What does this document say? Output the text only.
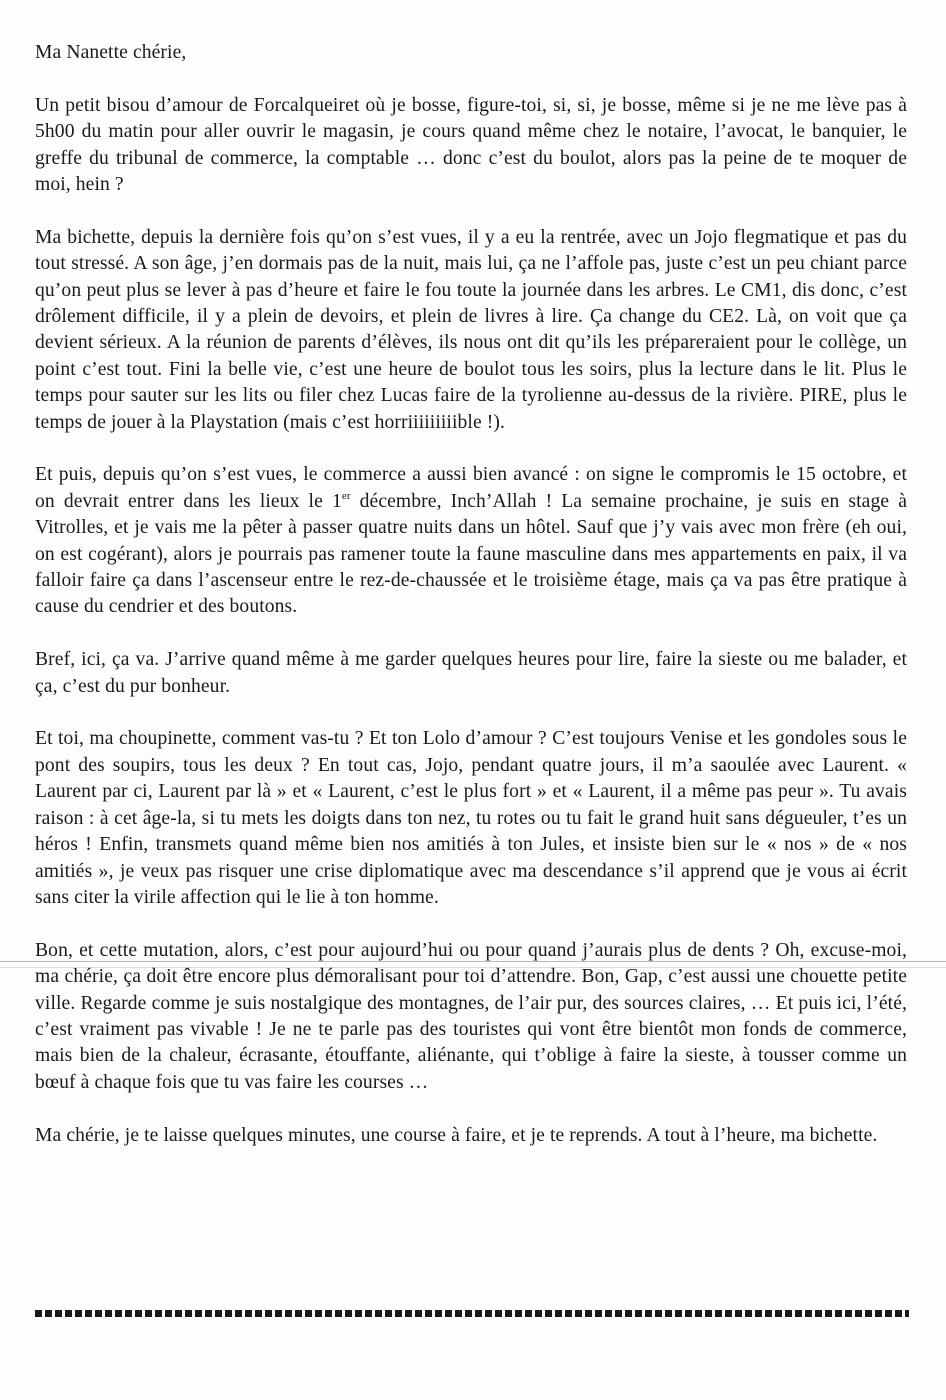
Ma Nanette chérie,

Un petit bisou d’amour de Forcalqueiret où je bosse, figure-toi, si, si, je bosse, même si je ne me lève pas à 5h00 du matin pour aller ouvrir le magasin, je cours quand même chez le notaire, l’avocat, le banquier, le greffe du tribunal de commerce, la comptable … donc c’est du boulot, alors pas la peine de te moquer de moi, hein ?

Ma bichette, depuis la dernière fois qu’on s’est vues, il y a eu la rentrée, avec un Jojo flegmatique et pas du tout stressé. A son âge, j’en dormais pas de la nuit, mais lui, ça ne l’affole pas, juste c’est un peu chiant parce qu’on peut plus se lever à pas d’heure et faire le fou toute la journée dans les arbres. Le CM1, dis donc, c’est drôlement difficile, il y a plein de devoirs, et plein de livres à lire. Ça change du CE2. Là, on voit que ça devient sérieux. A la réunion de parents d’élèves, ils nous ont dit qu’ils les prépareraient pour le collège, un point c’est tout. Fini la belle vie, c’est une heure de boulot tous les soirs, plus la lecture dans le lit. Plus le temps pour sauter sur les lits ou filer chez Lucas faire de la tyrolienne au-dessus de la rivière. PIRE, plus le temps de jouer à la Playstation (mais c’est horriiiiiiiiible !).

Et puis, depuis qu’on s’est vues, le commerce a aussi bien avancé : on signe le compromis le 15 octobre, et on devrait entrer dans les lieux le 1er décembre, Inch’Allah ! La semaine prochaine, je suis en stage à Vitrolles, et je vais me la pêter à passer quatre nuits dans un hôtel. Sauf que j’y vais avec mon frère (eh oui, on est cogérant), alors je pourrais pas ramener toute la faune masculine dans mes appartements en paix, il va falloir faire ça dans l’ascenseur entre le rez-de-chaussée et le troisième étage, mais ça va pas être pratique à cause du cendrier et des boutons.

Bref, ici, ça va. J’arrive quand même à me garder quelques heures pour lire, faire la sieste ou me balader, et ça, c’est du pur bonheur.

Et toi, ma choupinette, comment vas-tu ? Et ton Lolo d’amour ? C’est toujours Venise et les gondoles sous le pont des soupirs, tous les deux ? En tout cas, Jojo, pendant quatre jours, il m’a saoulée avec Laurent. « Laurent par ci, Laurent par là » et « Laurent, c’est le plus fort » et « Laurent, il a même pas peur ». Tu avais raison : à cet âge-la, si tu mets les doigts dans ton nez, tu rotes ou tu fait le grand huit sans dégueuler, t’es un héros ! Enfin, transmets quand même bien nos amitiés à ton Jules, et insiste bien sur le « nos » de « nos amitiés », je veux pas risquer une crise diplomatique avec ma descendance s’il apprend que je vous ai écrit sans citer la virile affection qui le lie à ton homme.

Bon, et cette mutation, alors, c’est pour aujourd’hui ou pour quand j’aurais plus de dents ? Oh, excuse-moi, ma chérie, ça doit être encore plus démoralisant pour toi d’attendre. Bon, Gap, c’est aussi une chouette petite ville. Regarde comme je suis nostalgique des montagnes, de l’air pur, des sources claires, … Et puis ici, l’été, c’est vraiment pas vivable ! Je ne te parle pas des touristes qui vont être bientôt mon fonds de commerce, mais bien de la chaleur, écrasante, étouffante, aliénante, qui t’oblige à faire la sieste, à tousser comme un bœuf à chaque fois que tu vas faire les courses …

Ma chérie, je te laisse quelques minutes, une course à faire, et je te reprends. A tout à l’heure, ma bichette.
